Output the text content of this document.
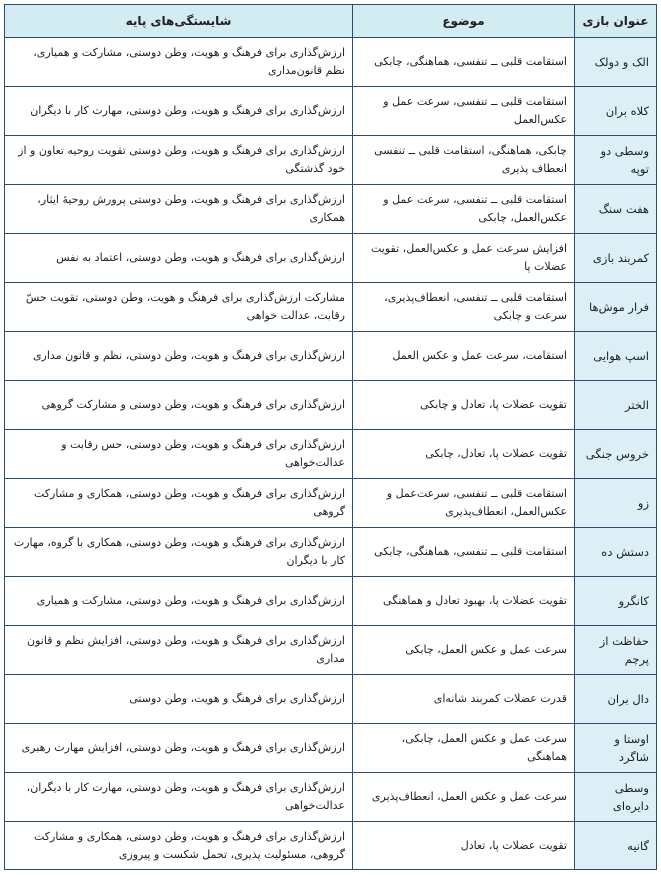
عنوان بازی	موضوع	شایستگی‌های پایه
الک و دولک	استقامت قلبی ــ تنفسی، هماهنگی، چابکی	ارزش‌گذاری برای فرهنگ و هویت، وطن دوستی، مشارکت و همیاری، نظم قانون‌مداری
کلاه بران	استقامت قلبی ــ تنفسی، سرعت عمل و عکس‌العمل	ارزش‌گذاری برای فرهنگ و هویت، وطن دوستی، مهارت کار با دیگران
وسطی دو توپه	چابکی، هماهنگی، استقامت قلبی ــ تنفسی انعطاف پذیری	ارزش‌گذاری برای فرهنگ و هویت، وطن دوستی تقویت روحیه تعاون و از خود گذشتگی
هفت سنگ	استقامت قلبی ــ تنفسی، سرعت عمل و عکس‌العمل، چابکی	ارزش‌گذاری برای فرهنگ و هویت، وطن دوستی پرورش روحیهٔ ایثار، همکاری
کمربند بازی	افزایش سرعت عمل و عکس‌العمل، تقویت عضلات پا	ارزش‌گذاری برای فرهنگ و هویت، وطن دوستی، اعتماد به نفس
فرار موش‌ها	استقامت قلبی ــ تنفسی، انعطاف‌پذیری، سرعت و چابکی	مشارکت ارزش‌گذاری برای فرهنگ و هویت، وطن دوستی، تقویت حسّ رقابت، عدالت خواهی
اسپ هوایی	استقامت، سرعت عمل و عکس العمل	ارزش‌گذاری برای فرهنگ و هویت، وطن دوستی، نظم و قانون مداری
الختر	تقویت عضلات پا، تعادل و چابکی	ارزش‌گذاری برای فرهنگ و هویت، وطن دوستی و مشارکت گروهی
خروس جنگی	تقویت عضلات پا، تعادل، چابکی	ارزش‌گذاری برای فرهنگ و هویت، وطن دوستی، حس رقابت و عدالت‌خواهی
زو	استقامت قلبی ــ تنفسی، سرعت‌عمل و عکس‌العمل، انعطاف‌پذیری	ارزش‌گذاری برای فرهنگ و هویت، وطن دوستی، همکاری و مشارکت گروهی
دستش ده	استقامت قلبی ــ تنفسی، هماهنگی، چابکی	ارزش‌گذاری برای فرهنگ و هویت، وطن دوستی، همکاری با گروه، مهارت کار با دیگران
کانگرو	تقویت عضلات پا، بهبود تعادل و هماهنگی	ارزش‌گذاری برای فرهنگ و هویت، وطن دوستی، مشارکت و همیاری
حفاظت از پرچم	سرعت عمل و عکس العمل، چابکی	ارزش‌گذاری برای فرهنگ و هویت، وطن دوستی، افزایش نظم و قانون مداری
دال بران	قدرت عضلات کمربند شانه‌ای	ارزش‌گذاری برای فرهنگ و هویت، وطن دوستی
اوستا و شاگرد	سرعت عمل و عکس العمل، چابکی، هماهنگی	ارزش‌گذاری برای فرهنگ و هویت، وطن دوستی، افزایش مهارت رهبری
وسطی دایره‌ای	سرعت عمل و عکس العمل، انعطاف‌پذیری	ارزش‌گذاری برای فرهنگ و هویت، وطن دوستی، مهارت کار با دیگران، عدالت‌خواهی
گانیه	تقویت عضلات پا، تعادل	ارزش‌گذاری برای فرهنگ و هویت، وطن دوستی، همکاری و مشارکت گروهی، مسئولیت پذیری، تحمل شکست و پیروزی
